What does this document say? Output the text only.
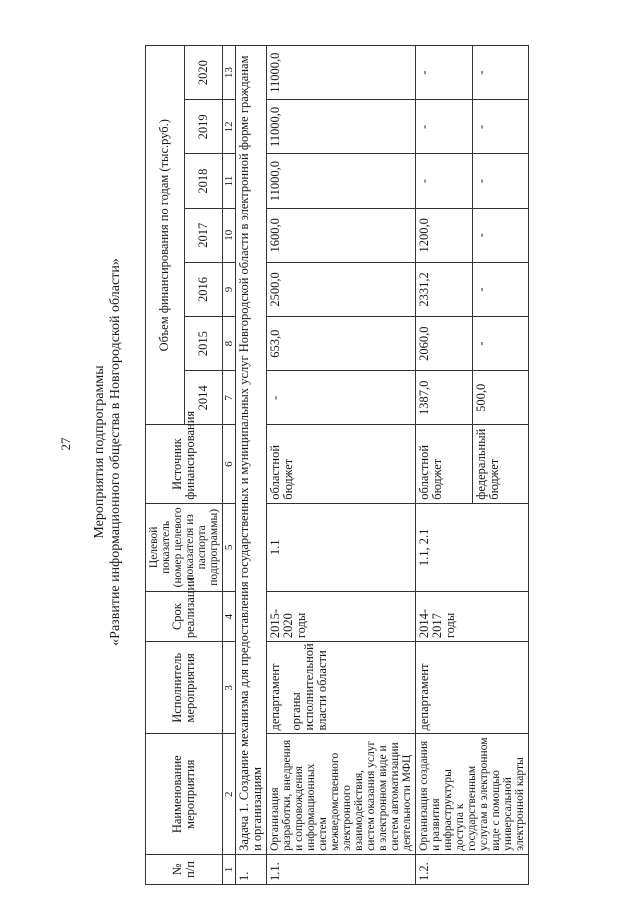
27 Мероприятия подпрограммы «Развитие информационного общества в Новгородской области»
№ п/п	Наименование мероприятия	Исполнитель мероприятия	Срок реализации	Целевой показатель (номер целевого показателя из паспорта подпрограммы)	Источник финансирования	Объем финансирования по годам (тыс.руб.)						
						2014	2015	2016	2017	2018	2019	2020
1	2	3	4	5	6	7	8	9	10	11	12	13
1.	Задача 1. Создание механизма для предоставления государственных и муниципальных услуг Новгородской области в электронной форме гражданам и организациям											
1.1.	Организация разработки, внедрения и сопровождения информационных систем межведомственного электронного взаимодействия, систем оказания услуг в электронном виде и систем автоматизации деятельности МФЦ	департамент органы исполнительной власти области	2015-2020 годы	1.1	областной бюджет	-	653,0	2500,0	1600,0	11000,0	11000,0	11000,0
1.2.	Организация создания и развития инфраструктуры доступа к государственным услугам в электронном виде с помощью универсальной электронной карты	департамент	2014-2017 годы	1.1, 2.1	областной бюджет	1387,0	2060,0	2331,2	1200,0	-	-	-
					федеральный бюджет	500,0	-	-	-	-	-	-
